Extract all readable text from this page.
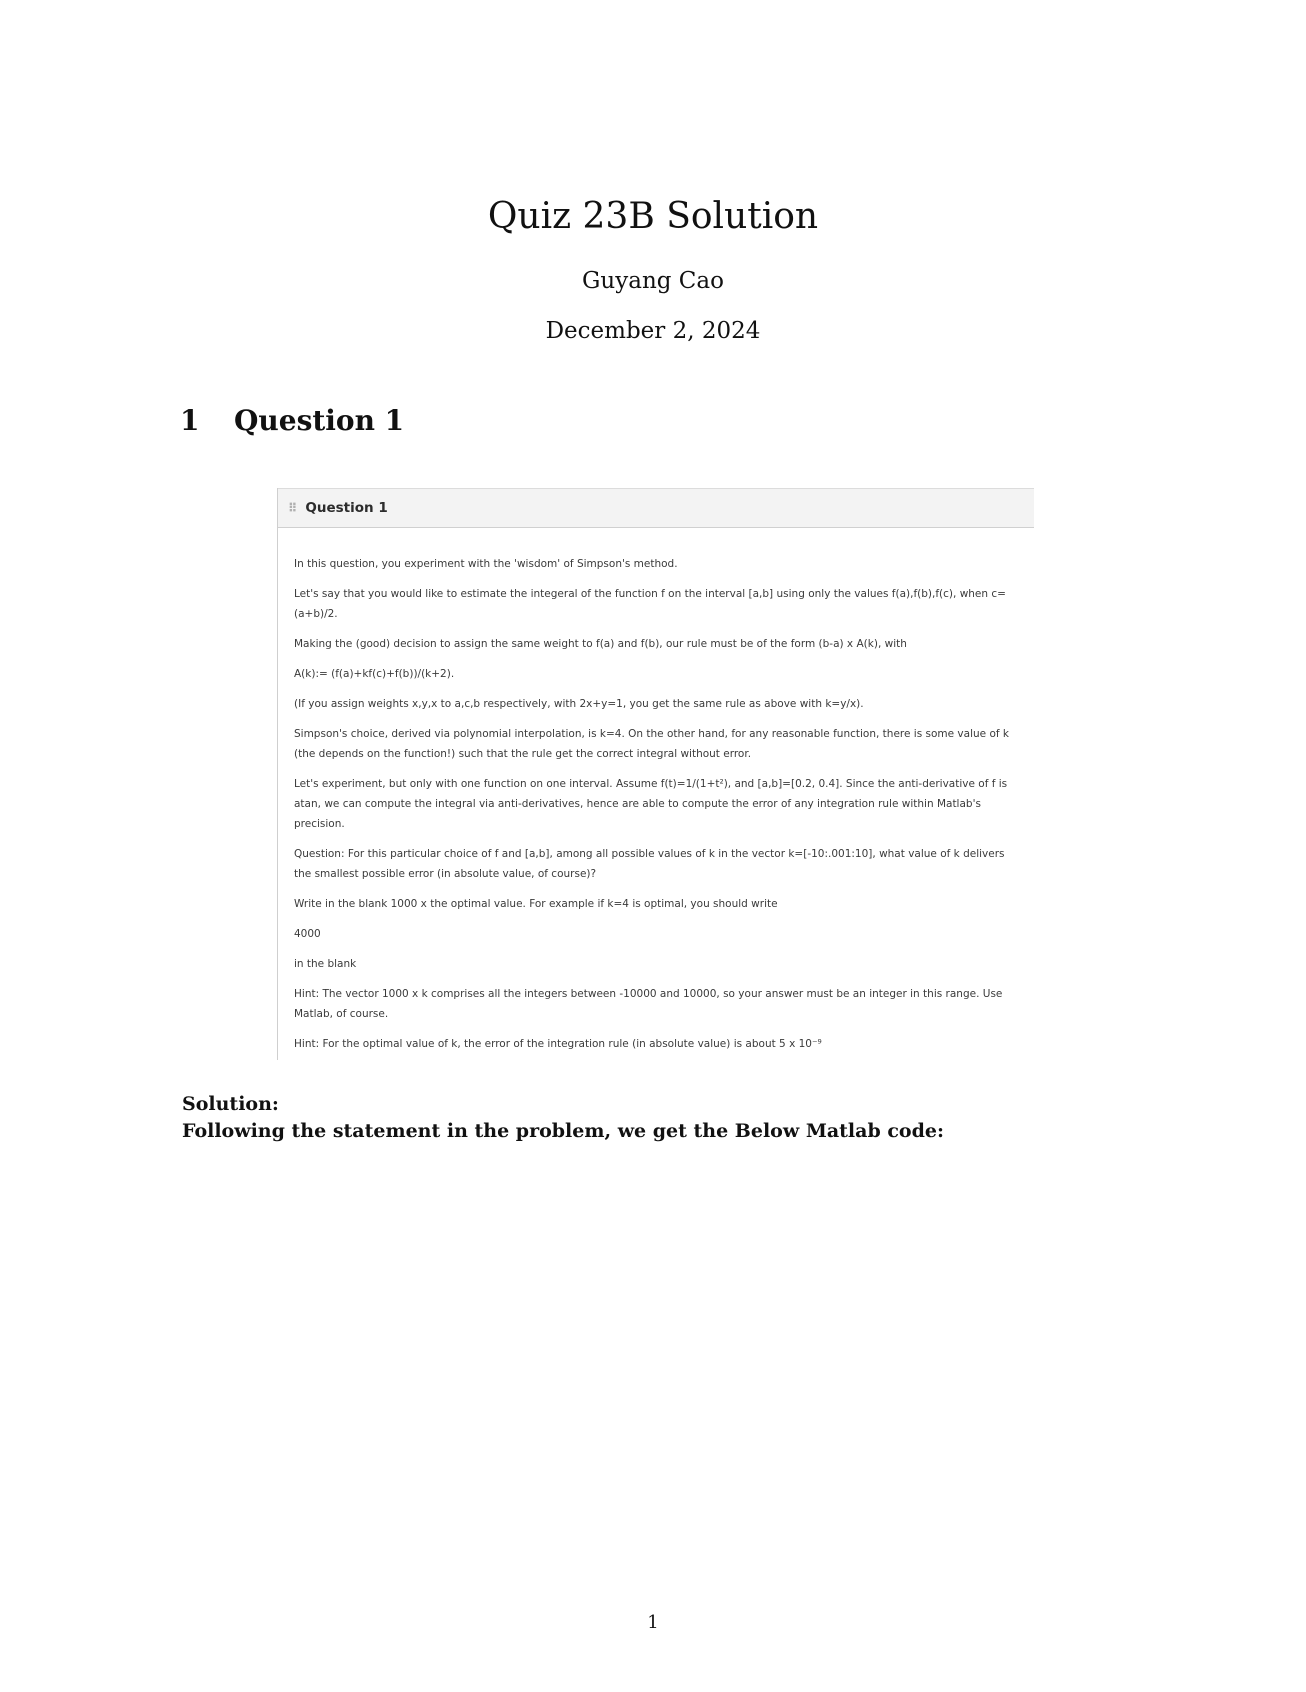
Quiz 23B Solution
Guyang Cao
December 2, 2024
1 Question 1
⠿ Question 1

In this question, you experiment with the 'wisdom' of Simpson's method.

Let's say that you would like to estimate the integeral of the function f on the interval [a,b] using only the values f(a),f(b),f(c), when c=(a+b)/2.

Making the (good) decision to assign the same weight to f(a) and f(b), our rule must be of the form (b-a) x A(k), with

A(k):= (f(a)+kf(c)+f(b))/(k+2).

(If you assign weights x,y,x to a,c,b respectively, with 2x+y=1, you get the same rule as above with k=y/x).

Simpson's choice, derived via polynomial interpolation, is k=4. On the other hand, for any reasonable function, there is some value of k (the depends on the function!) such that the rule get the correct integral without error.

Let's experiment, but only with one function on one interval. Assume f(t)=1/(1+t²), and [a,b]=[0.2, 0.4]. Since the anti-derivative of f is atan, we can compute the integral via anti-derivatives, hence are able to compute the error of any integration rule within Matlab's precision.

Question: For this particular choice of f and [a,b], among all possible values of k in the vector k=[-10:.001:10], what value of k delivers the smallest possible error (in absolute value, of course)?

Write in the blank 1000 x the optimal value. For example if k=4 is optimal, you should write

4000

in the blank

Hint: The vector 1000 x k comprises all the integers between -10000 and 10000, so your answer must be an integer in this range. Use Matlab, of course.

Hint: For the optimal value of k, the error of the integration rule (in absolute value) is about 5 x 10⁻⁹

Solution:
Following the statement in the problem, we get the Below Matlab code:
1
